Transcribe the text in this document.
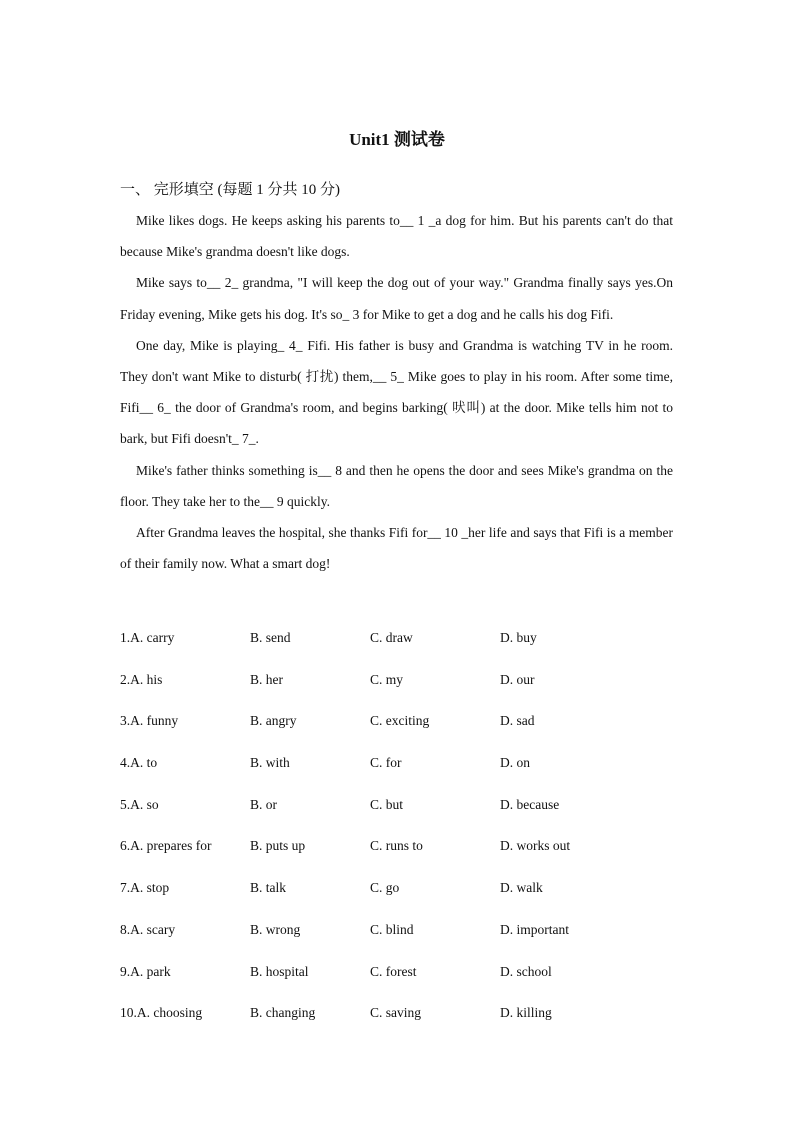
Unit1 测试卷
一、 完形填空 (每题 1 分共 10 分)

Mike likes dogs. He keeps asking his parents to__ 1 _a dog for him. But his parents can't do that because Mike's grandma doesn't like dogs.

Mike says to__ 2_ grandma, "I will keep the dog out of your way." Grandma finally says yes.On Friday evening, Mike gets his dog. It's so_ 3 for Mike to get a dog and he calls his dog Fifi.

One day, Mike is playing_ 4_ Fifi. His father is busy and Grandma is watching TV in he room. They don't want Mike to disturb( 打扰) them,__ 5_ Mike goes to play in his room. After some time, Fifi__ 6_ the door of Grandma's room, and begins barking( 吠叫) at the door. Mike tells him not to bark, but Fifi doesn't_ 7_.

Mike's father thinks something is__ 8 and then he opens the door and sees Mike's grandma on the floor. They take her to the__ 9 quickly.

After Grandma leaves the hospital, she thanks Fifi for__ 10 _her life and says that Fifi is a member of their family now. What a smart dog!

1.A. carry	B. send	C. draw	D. buy
2.A. his	B. her	C. my	D. our
3.A. funny	B. angry	C. exciting	D. sad
4.A. to	B. with	C. for	D. on
5.A. so	B. or	C. but	D. because
6.A. prepares for	B. puts up	C. runs to	D. works out
7.A. stop	B. talk	C. go	D. walk
8.A. scary	B. wrong	C. blind	D. important
9.A. park	B. hospital	C. forest	D. school
10.A. choosing	B. changing	C. saving	D. killing
